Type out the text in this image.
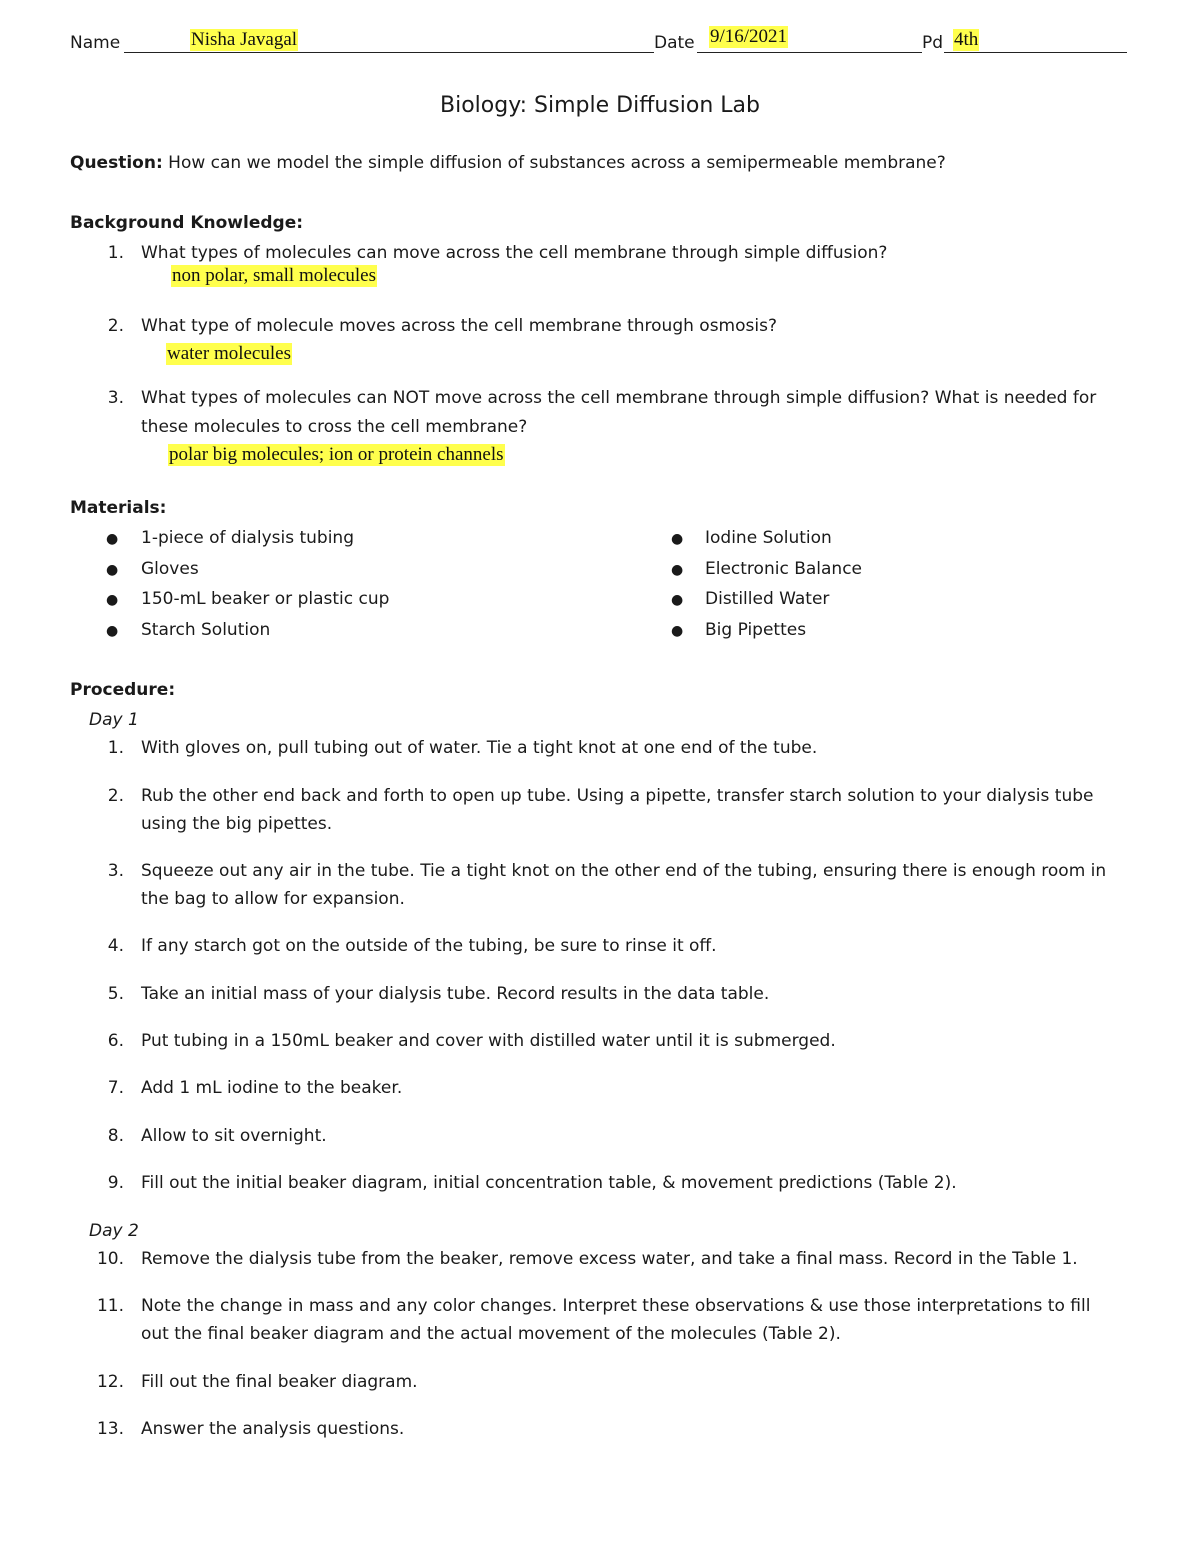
Name	Nisha Javagal	Date 9/16/2021	Pd 4th
Biology: Simple Diffusion Lab
Question: How can we model the simple diffusion of substances across a semipermeable membrane?
Background Knowledge:
1. What types of molecules can move across the cell membrane through simple diffusion?
non polar, small molecules
2. What type of molecule moves across the cell membrane through osmosis?
water molecules
3. What types of molecules can NOT move across the cell membrane through simple diffusion? What is needed for
these molecules to cross the cell membrane?
polar big molecules; ion or protein channels
Materials:
● 1-piece of dialysis tubing
● Gloves
● 150-mL beaker or plastic cup
● Starch Solution
● Iodine Solution
● Electronic Balance
● Distilled Water
● Big Pipettes
Procedure:
Day 1
1. With gloves on, pull tubing out of water. Tie a tight knot at one end of the tube.
2. Rub the other end back and forth to open up tube. Using a pipette, transfer starch solution to your dialysis tube
using the big pipettes.
3. Squeeze out any air in the tube. Tie a tight knot on the other end of the tubing, ensuring there is enough room in
the bag to allow for expansion.
4. If any starch got on the outside of the tubing, be sure to rinse it off.
5. Take an initial mass of your dialysis tube. Record results in the data table.
6. Put tubing in a 150mL beaker and cover with distilled water until it is submerged.
7. Add 1 mL iodine to the beaker.
8. Allow to sit overnight.
9. Fill out the initial beaker diagram, initial concentration table, & movement predictions (Table 2).
Day 2
10. Remove the dialysis tube from the beaker, remove excess water, and take a final mass. Record in the Table 1.
11. Note the change in mass and any color changes. Interpret these observations & use those interpretations to fill
out the final beaker diagram and the actual movement of the molecules (Table 2).
12. Fill out the final beaker diagram.
13. Answer the analysis questions.
